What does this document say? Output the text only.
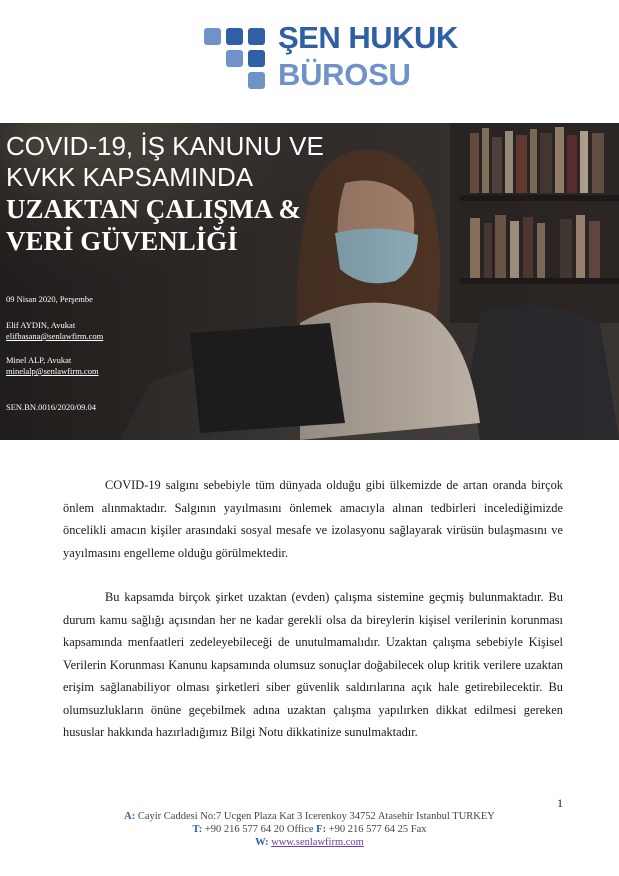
ŞEN HUKUK
BÜROSU
COVID-19, İŞ KANUNU VE
KVKK KAPSAMINDA
UZAKTAN ÇALIŞMA &
VERİ GÜVENLİĞİ
09 Nisan 2020, Perşembe
Elif AYDIN, Avukat
elifbasana@senlawfirm.com
Minel ALP, Avukat
minelalp@senlawfirm.com
SEN.BN.0016/2020/09.04

COVID-19 salgını sebebiyle tüm dünyada olduğu gibi ülkemizde de artan oranda birçok önlem alınmaktadır. Salgının yayılmasını önlemek amacıyla alınan tedbirleri incelediğimizde öncelikli amacın kişiler arasındaki sosyal mesafe ve izolasyonu sağlayarak virüsün bulaşmasını ve yayılmasını engelleme olduğu görülmektedir.

Bu kapsamda birçok şirket uzaktan (evden) çalışma sistemine geçmiş bulunmaktadır. Bu durum kamu sağlığı açısından her ne kadar gerekli olsa da bireylerin kişisel verilerinin korunması kapsamında menfaatleri zedeleyebileceği de unutulmamalıdır. Uzaktan çalışma sebebiyle Kişisel Verilerin Korunması Kanunu kapsamında olumsuz sonuçlar doğabilecek olup kritik verilere uzaktan erişim sağlanabiliyor olması şirketleri siber güvenlik saldırılarına açık hale getirebilecektir. Bu olumsuzlukların önüne geçebilmek adına uzaktan çalışma yapılırken dikkat edilmesi gereken hususlar hakkında hazırladığımız Bilgi Notu dikkatinize sunulmaktadır.

1
A: Cayir Caddesi No:7 Ucgen Plaza Kat 3 Icerenkoy 34752 Atasehir Istanbul TURKEY
T: +90 216 577 64 20 Office F: +90 216 577 64 25 Fax
W: www.senlawfirm.com
